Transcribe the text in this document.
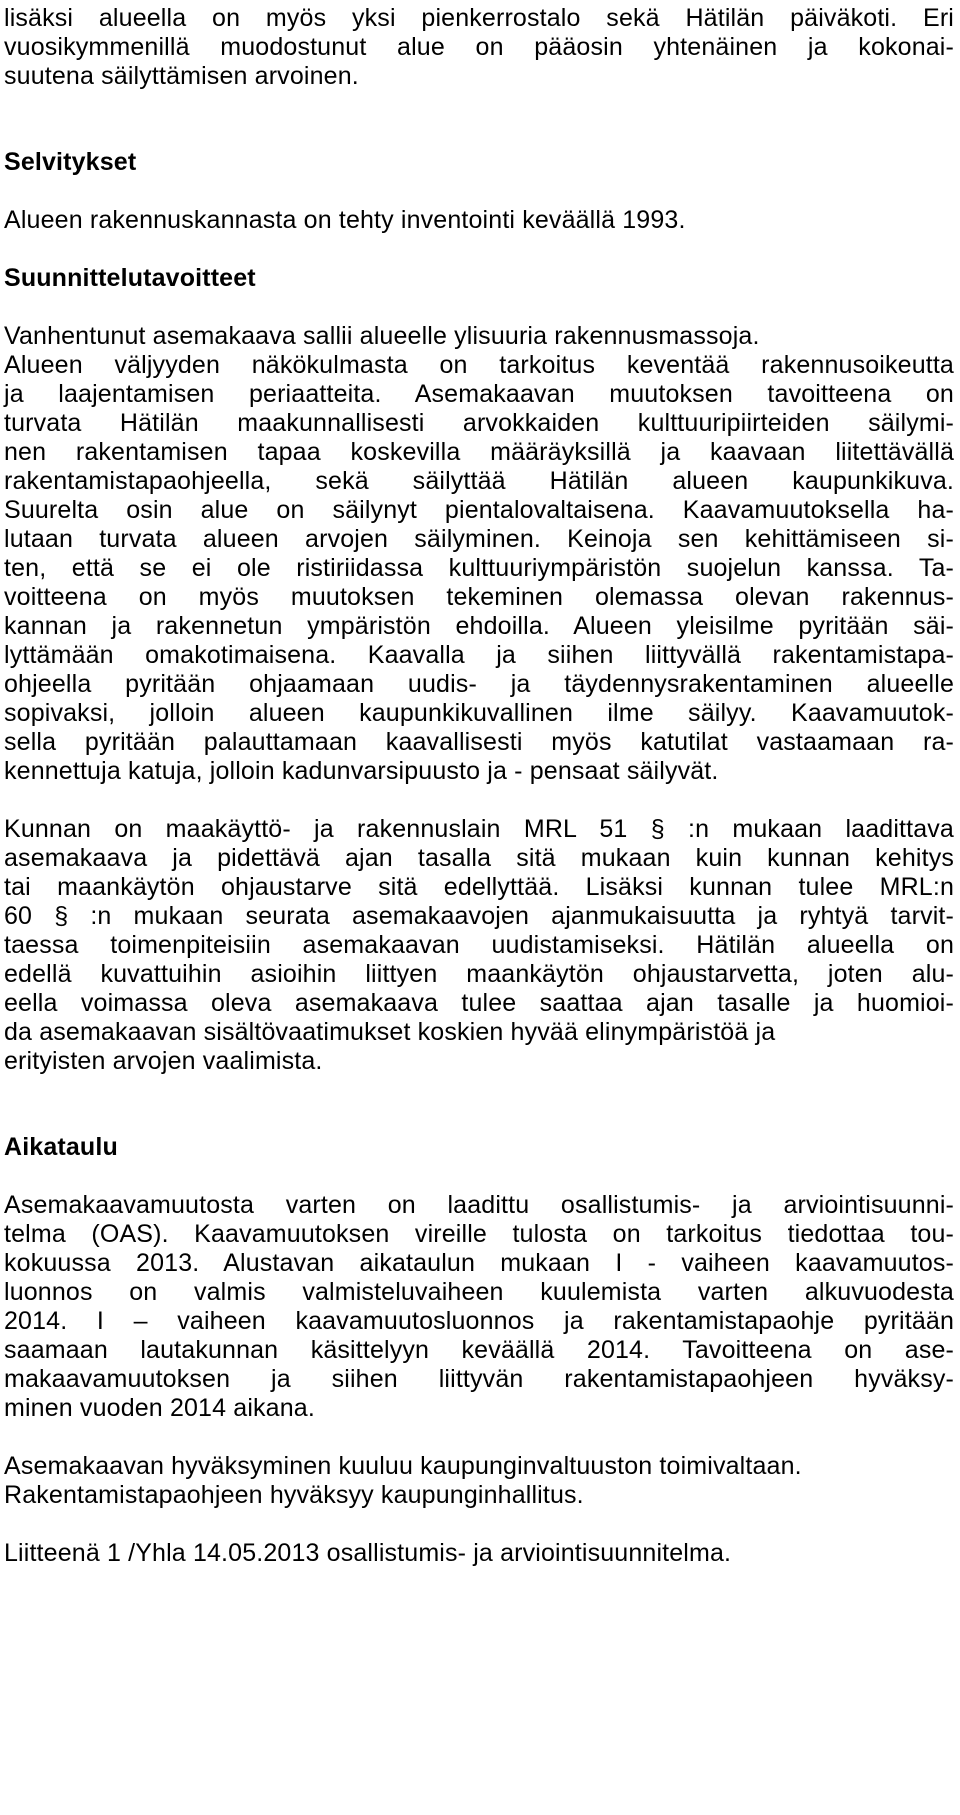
lisäksi alueella on myös yksi pienkerrostalo sekä Hätilän päiväkoti. Eri
vuosikymmenillä muodostunut alue on pääosin yhtenäinen ja kokonai-
suutena säilyttämisen arvoinen.
Selvitykset
Alueen rakennuskannasta on tehty inventointi keväällä 1993.
Suunnittelutavoitteet
Vanhentunut asemakaava sallii alueelle ylisuuria rakennusmassoja.
Alueen väljyyden näkökulmasta on tarkoitus keventää rakennusoikeutta
ja laajentamisen periaatteita. Asemakaavan muutoksen tavoitteena on
turvata Hätilän maakunnallisesti arvokkaiden kulttuuripiirteiden säilymi-
nen rakentamisen tapaa koskevilla määräyksillä ja kaavaan liitettävällä
rakentamistapaohjeella, sekä säilyttää Hätilän alueen kaupunkikuva.
Suurelta osin alue on säilynyt pientalovaltaisena. Kaavamuutoksella ha-
lutaan turvata alueen arvojen säilyminen. Keinoja sen kehittämiseen si-
ten, että se ei ole ristiriidassa kulttuuriympäristön suojelun kanssa. Ta-
voitteena on myös muutoksen tekeminen olemassa olevan rakennus-
kannan ja rakennetun ympäristön ehdoilla. Alueen yleisilme pyritään säi-
lyttämään omakotimaisena. Kaavalla ja siihen liittyvällä rakentamistapa-
ohjeella pyritään ohjaamaan uudis- ja täydennysrakentaminen alueelle
sopivaksi, jolloin alueen kaupunkikuvallinen ilme säilyy. Kaavamuutok-
sella pyritään palauttamaan kaavallisesti myös katutilat vastaamaan ra-
kennettuja katuja, jolloin kadunvarsipuusto ja - pensaat säilyvät.
Kunnan on maakäyttö- ja rakennuslain MRL 51 § :n mukaan laadittava
asemakaava ja pidettävä ajan tasalla sitä mukaan kuin kunnan kehitys
tai maankäytön ohjaustarve sitä edellyttää. Lisäksi kunnan tulee MRL:n
60 § :n mukaan seurata asemakaavojen ajanmukaisuutta ja ryhtyä tarvit-
taessa toimenpiteisiin asemakaavan uudistamiseksi. Hätilän alueella on
edellä kuvattuihin asioihin liittyen maankäytön ohjaustarvetta, joten alu-
eella voimassa oleva asemakaava tulee saattaa ajan tasalle ja huomioi-
da asemakaavan sisältövaatimukset koskien hyvää elinympäristöä ja
erityisten arvojen vaalimista.
Aikataulu
Asemakaavamuutosta varten on laadittu osallistumis- ja arviointisuunni-
telma (OAS). Kaavamuutoksen vireille tulosta on tarkoitus tiedottaa tou-
kokuussa 2013. Alustavan aikataulun mukaan I - vaiheen kaavamuutos-
luonnos on valmis valmisteluvaiheen kuulemista varten alkuvuodesta
2014. I – vaiheen kaavamuutosluonnos ja rakentamistapaohje pyritään
saamaan lautakunnan käsittelyyn keväällä 2014. Tavoitteena on ase-
makaavamuutoksen ja siihen liittyvän rakentamistapaohjeen hyväksy-
minen vuoden 2014 aikana.
Asemakaavan hyväksyminen kuuluu kaupunginvaltuuston toimivaltaan.
Rakentamistapaohjeen hyväksyy kaupunginhallitus.
Liitteenä 1 /Yhla 14.05.2013 osallistumis- ja arviointisuunnitelma.
